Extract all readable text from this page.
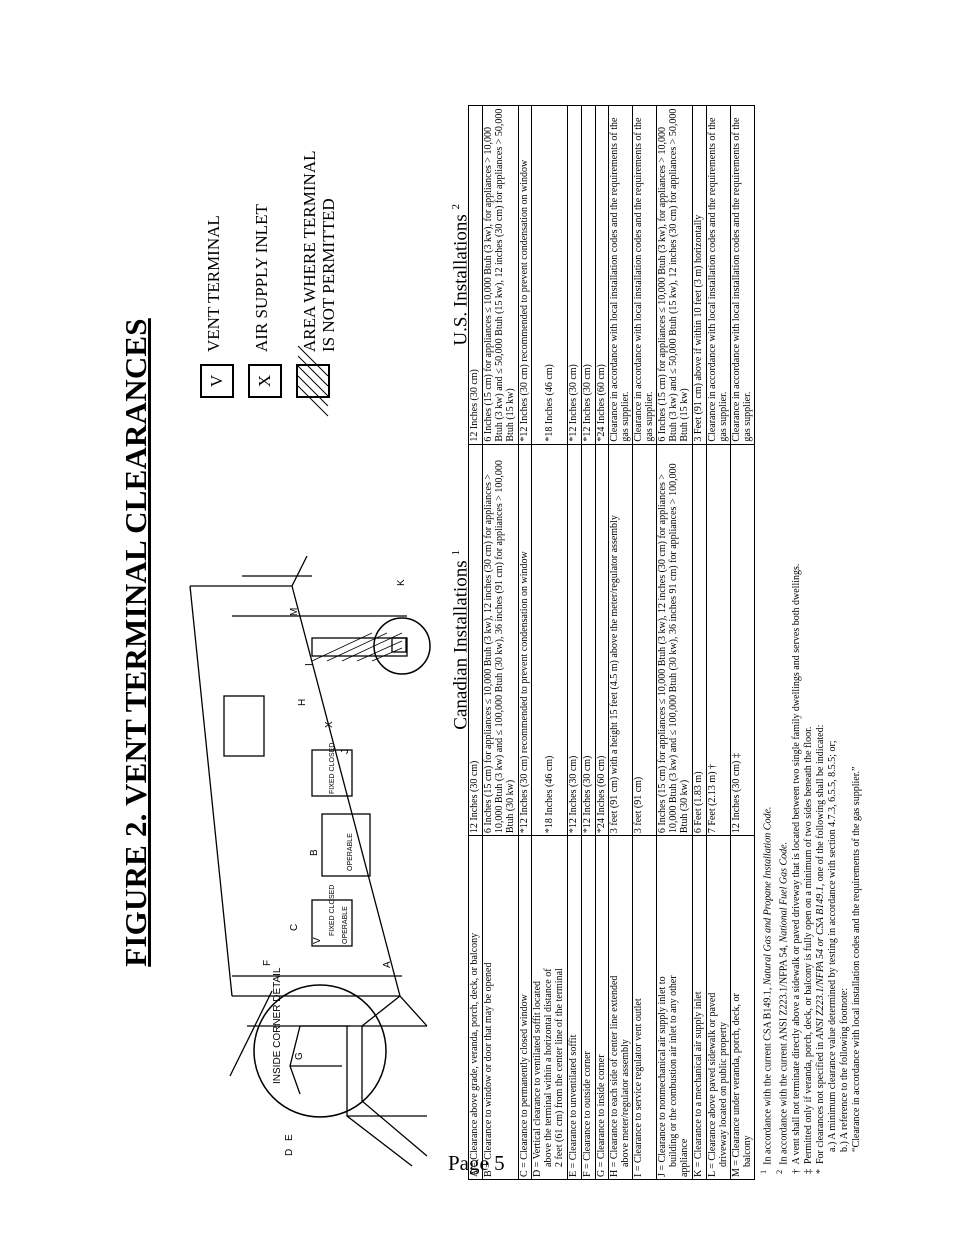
FIGURE 2. VENT TERMINAL CLEARANCES
INSIDE CORNER DETAIL
FIXED CLOSED OPERABLE
FIXED CLOSED
OPERABLE
A
B
C
D
E
F
G
H
I
J
K
M
V
X
V
VENT TERMINAL
X
AIR SUPPLY INLET AREA WHERE TERMINAL IS NOT PERMITTED
	Canadian Installations $^1$	U.S. Installations $^2$
A = Clearance above grade, veranda, porch, deck, or balcony	12 Inches (30 cm)	12 Inches (30 cm)
B = Clearance to window or door that may be opened	6 Inches (15 cm) for appliances ≤ 10,000 Btuh (3 kw), 12 inches (30 cm) for appliances > 10,000 Btuh (3 kw) and ≤ 100,000 Btuh (30 kw), 36 inches (91 cm) for appliances > 100,000 Btuh (30 kw)	6 Inches (15 cm) for appliances ≤ 10,000 Btuh (3 kw), for appliances > 10,000 Btuh (3 kw) and ≤ 50,000 Btuh (15 kw), 12 inches (30 cm) for appliances > 50,000 Btuh (15 kw)
C = Clearance to permanently closed window	*12 Inches (30 cm) recommended to prevent condensation on window	*12 Inches (30 cm) recommended to prevent condensation on window
D = Vertical clearance to ventilated soffit located above the terminal within a horizontal distance of 2 feet (61 cm) from the center line of the terminal	*18 Inches (46 cm)	*18 Inches (46 cm)
E = Clearance to unventilated soffit	*12 Inches (30 cm)	*12 Inches (30 cm)
F = Clearance to outside corner	*12 Inches (30 cm)	*12 Inches (30 cm)
G = Clearance to inside corner	*24 Inches (60 cm)	*24 Inches (60 cm)
H = Clearance to each side of center line extended above meter/regulator assembly	3 feet (91 cm) with a height 15 feet (4.5 m) above the meter/regulator assembly	Clearance in accordance with local installation codes and the requirements of the gas supplier.
I = Clearance to service regulator vent outlet	3 feet (91 cm)	Clearance in accordance with local installation codes and the requirements of the gas supplier.
J = Clearance to nonmechanical air supply inlet to building or the combustion air inlet to any other appliance	6 Inches (15 cm) for appliances ≤ 10,000 Btuh (3 kw), 12 inches (30 cm) for appliances > 10,000 Btuh (3 kw) and ≤ 100,000 Btuh (30 kw), 36 inches 91 cm) for appliances > 100,000 Btuh (30 kw)	6 Inches (15 cm) for appliances ≤ 10,000 Btuh (3 kw), for appliances > 10,000 Btuh (3 kw) and ≤ 50,000 Btuh (15 kw), 12 inches (30 cm) for appliances > 50,000 Btuh (15 kw)
K = Clearance to a mechanical air supply inlet	6 Feet (1.83 m)	3 Feet (91 cm) above if within 10 feet (3 m) horizontally
L = Clearance above paved sidewalk or paved driveway located on public property	7 Feet (2.13 m) †	Clearance in accordance with local installation codes and the requirements of the gas supplier.
M = Clearance under veranda, porch, deck, or balcony	12 Inches (30 cm) ‡	Clearance in accordance with local installation codes and the requirements of the gas supplier.
$^1$  In accordance with the current CSA B149.1, Natural Gas and Propane Installation Code.
$^2$  In accordance with the current ANSI Z223.1/NFPA 54, National Fuel Gas Code.
†  A vent shall not terminate directly above a sidewalk or paved driveway that is located between two single family dwellings and serves both dwellings.
‡  Permitted only if veranda, porch, deck, or balcony is fully open on a minimum of two sides beneath the floor.
*  For clearances not specified in ANSI Z223.1/NFPA 54 or CSA B149.1, one of the following shall be indicated: a.) A minimum clearance value determined by testing in accordance with section 4.7.3, 6.5.5, 8.5.5; or; b.) A reference to the following footnote: “Clearance in accordance with local installation codes and the requirements of the gas supplier.”
Page 5
